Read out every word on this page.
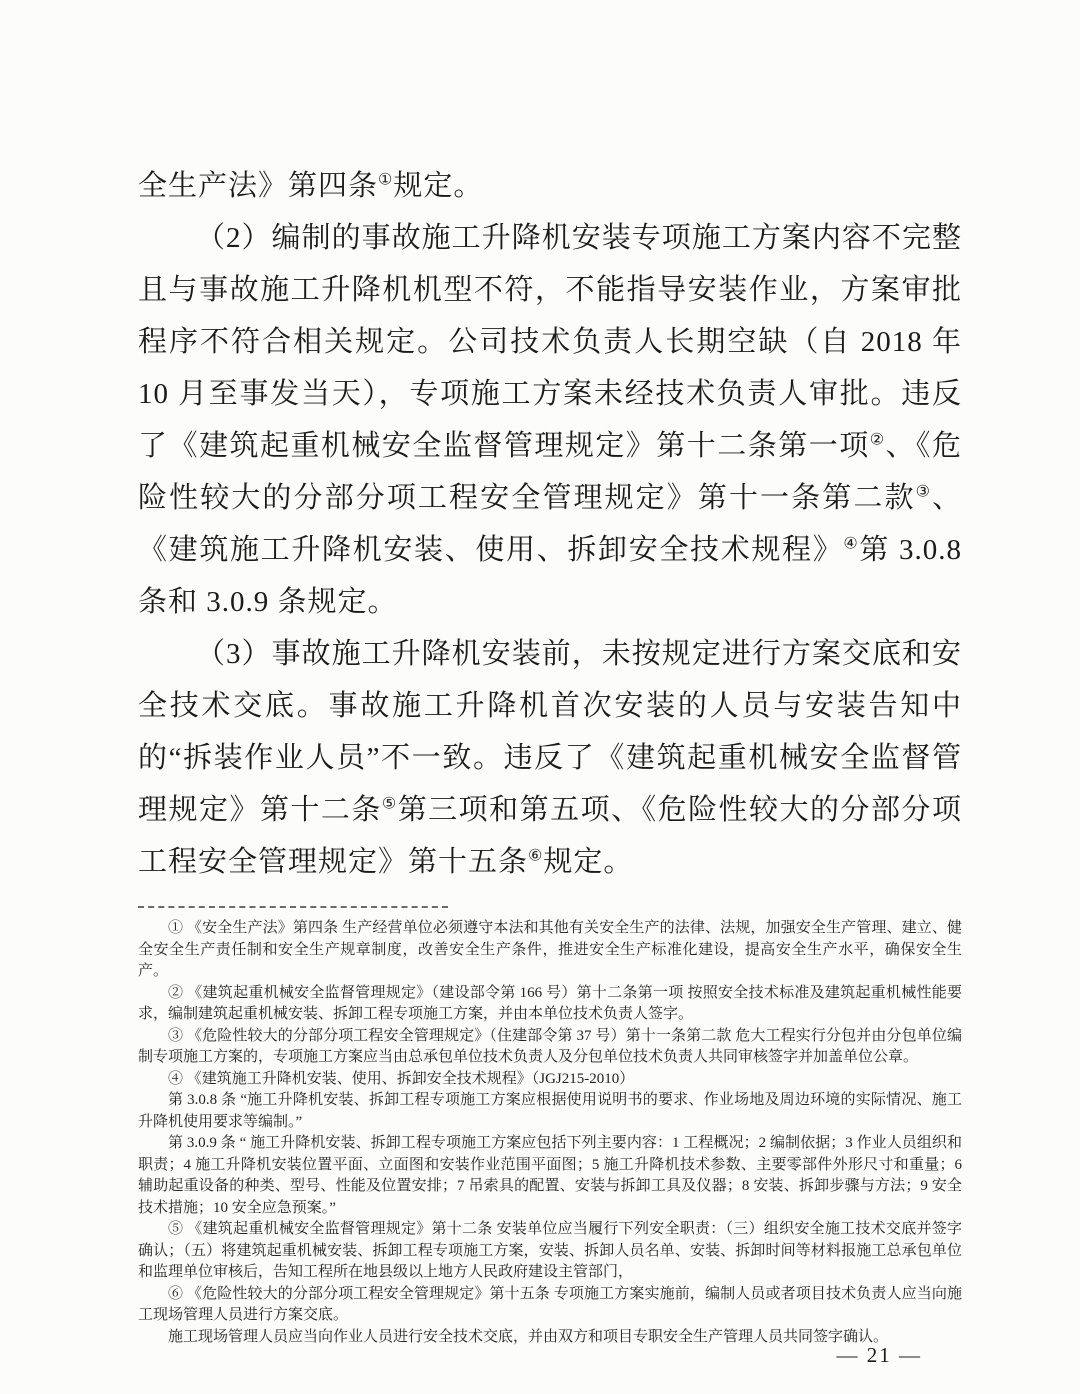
全生产法》第四条①规定。

（2）编制的事故施工升降机安装专项施工方案内容不完整且与事故施工升降机机型不符，不能指导安装作业，方案审批程序不符合相关规定。公司技术负责人长期空缺（自 2018 年 10 月至事发当天），专项施工方案未经技术负责人审批。违反了《建筑起重机械安全监督管理规定》第十二条第一项②、《危险性较大的分部分项工程安全管理规定》第十一条第二款③、《建筑施工升降机安装、使用、拆卸安全技术规程》④第 3.0.8 条和 3.0.9 条规定。

（3）事故施工升降机安装前，未按规定进行方案交底和安全技术交底。事故施工升降机首次安装的人员与安装告知中的“拆装作业人员”不一致。违反了《建筑起重机械安全监督管理规定》第十二条⑤第三项和第五项、《危险性较大的分部分项工程安全管理规定》第十五条⑥规定。

① 《安全生产法》第四条 生产经营单位必须遵守本法和其他有关安全生产的法律、法规，加强安全生产管理、建立、健全安全生产责任制和安全生产规章制度，改善安全生产条件，推进安全生产标准化建设，提高安全生产水平，确保安全生产。

② 《建筑起重机械安全监督管理规定》（建设部令第 166 号）第十二条第一项 按照安全技术标准及建筑起重机械性能要求，编制建筑起重机械安装、拆卸工程专项施工方案，并由本单位技术负责人签字。

③ 《危险性较大的分部分项工程安全管理规定》（住建部令第 37 号）第十一条第二款 危大工程实行分包并由分包单位编制专项施工方案的，专项施工方案应当由总承包单位技术负责人及分包单位技术负责人共同审核签字并加盖单位公章。

④ 《建筑施工升降机安装、使用、拆卸安全技术规程》（JGJ215-2010）

第 3.0.8 条 “施工升降机安装、拆卸工程专项施工方案应根据使用说明书的要求、作业场地及周边环境的实际情况、施工升降机使用要求等编制。”

第 3.0.9 条 “ 施工升降机安装、拆卸工程专项施工方案应包括下列主要内容：1 工程概况；2 编制依据；3 作业人员组织和职责；4 施工升降机安装位置平面、立面图和安装作业范围平面图；5 施工升降机技术参数、主要零部件外形尺寸和重量；6 辅助起重设备的种类、型号、性能及位置安排；7 吊索具的配置、安装与拆卸工具及仪器；8 安装、拆卸步骤与方法；9 安全技术措施；10 安全应急预案。”

⑤ 《建筑起重机械安全监督管理规定》第十二条 安装单位应当履行下列安全职责：（三）组织安全施工技术交底并签字确认；（五）将建筑起重机械安装、拆卸工程专项施工方案，安装、拆卸人员名单、安装、拆卸时间等材料报施工总承包单位和监理单位审核后，告知工程所在地县级以上地方人民政府建设主管部门，

⑥ 《危险性较大的分部分项工程安全管理规定》第十五条 专项施工方案实施前，编制人员或者项目技术负责人应当向施工现场管理人员进行方案交底。

施工现场管理人员应当向作业人员进行安全技术交底，并由双方和项目专职安全生产管理人员共同签字确认。

— 21 —
